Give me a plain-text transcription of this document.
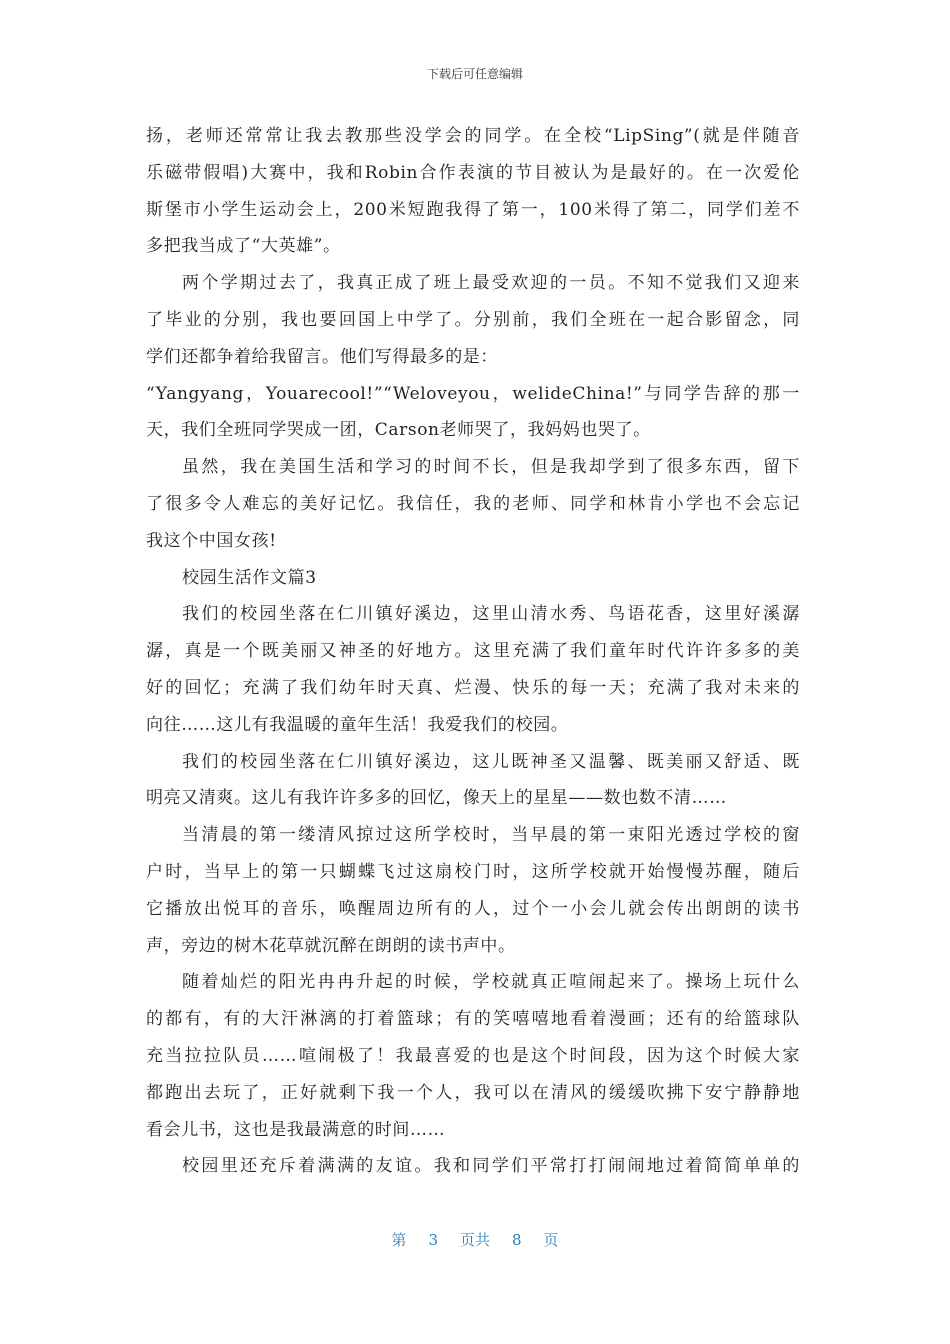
下载后可任意编辑
扬，老师还常常让我去教那些没学会的同学。在全校“LipSing”(就是伴随音
乐磁带假唱)大赛中，我和Robin合作表演的节目被认为是最好的。在一次爱伦
斯堡市小学生运动会上，200米短跑我得了第一，100米得了第二，同学们差不
多把我当成了“大英雄”。
两个学期过去了，我真正成了班上最受欢迎的一员。不知不觉我们又迎来
了毕业的分别，我也要回国上中学了。分别前，我们全班在一起合影留念，同
学们还都争着给我留言。他们写得最多的是：
“Yangyang，Youarecool!”“Weloveyou，welideChina!”与同学告辞的那一
天，我们全班同学哭成一团，Carson老师哭了，我妈妈也哭了。
虽然，我在美国生活和学习的时间不长，但是我却学到了很多东西，留下
了很多令人难忘的美好记忆。我信任，我的老师、同学和林肯小学也不会忘记
我这个中国女孩!
校园生活作文篇3
我们的校园坐落在仁川镇好溪边，这里山清水秀、鸟语花香，这里好溪潺
潺，真是一个既美丽又神圣的好地方。这里充满了我们童年时代许许多多的美
好的回忆；充满了我们幼年时天真、烂漫、快乐的每一天；充满了我对未来的
向往……这儿有我温暖的童年生活！我爱我们的校园。
我们的校园坐落在仁川镇好溪边，这儿既神圣又温馨、既美丽又舒适、既
明亮又清爽。这儿有我许许多多的回忆，像天上的星星——数也数不清……
当清晨的第一缕清风掠过这所学校时，当早晨的第一束阳光透过学校的窗
户时，当早上的第一只蝴蝶飞过这扇校门时，这所学校就开始慢慢苏醒，随后
它播放出悦耳的音乐，唤醒周边所有的人，过个一小会儿就会传出朗朗的读书
声，旁边的树木花草就沉醉在朗朗的读书声中。
随着灿烂的阳光冉冉升起的时候，学校就真正喧闹起来了。操场上玩什么
的都有，有的大汗淋漓的打着篮球；有的笑嘻嘻地看着漫画；还有的给篮球队
充当拉拉队员……喧闹极了！我最喜爱的也是这个时间段，因为这个时候大家
都跑出去玩了，正好就剩下我一个人，我可以在清风的缓缓吹拂下安宁静静地
看会儿书，这也是我最满意的时间……
校园里还充斥着满满的友谊。我和同学们平常打打闹闹地过着简简单单的
第 3 页共 8 页
